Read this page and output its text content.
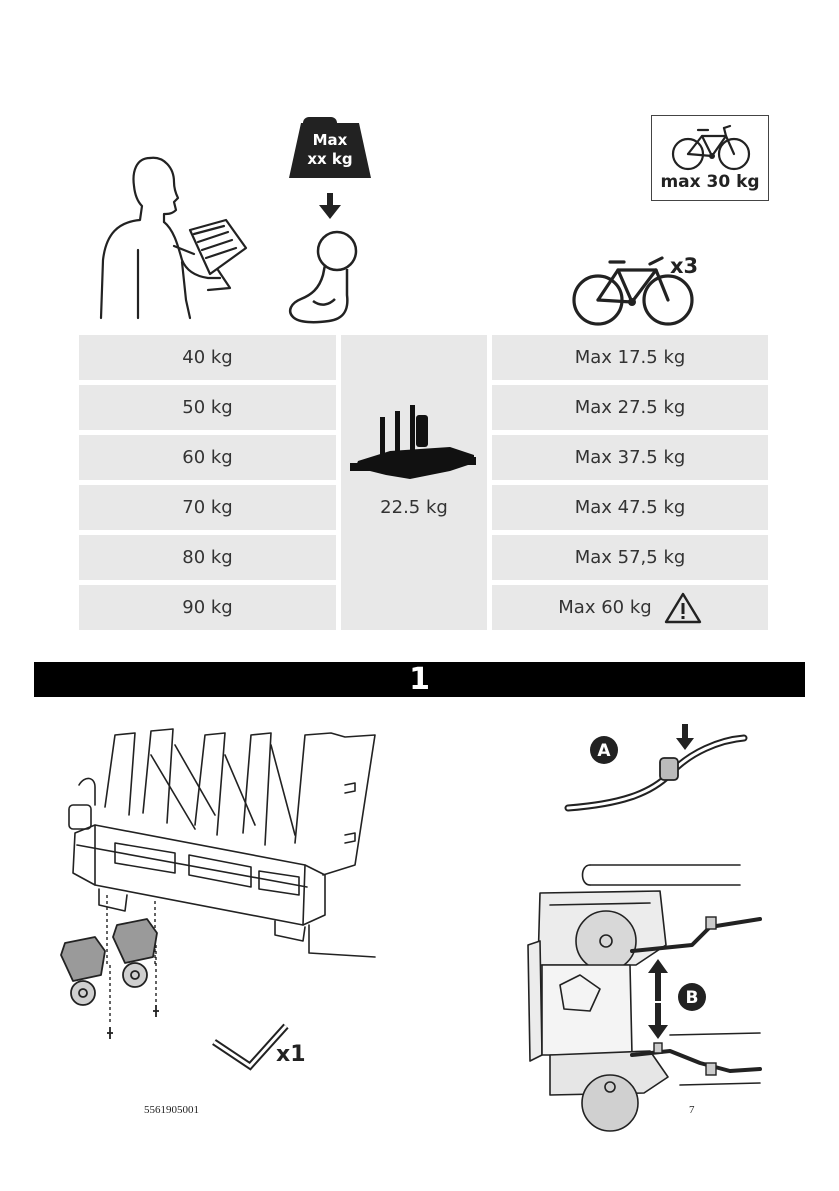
Max
xx kg
max 30 kg
x3
40 kg
50 kg
60 kg
70 kg
80 kg
90 kg
22.5 kg
Max 17.5 kg
Max 27.5 kg
Max 37.5 kg
Max 47.5 kg
Max 57,5 kg
Max 60 kg
1
x1
A
B
5561905001	7
